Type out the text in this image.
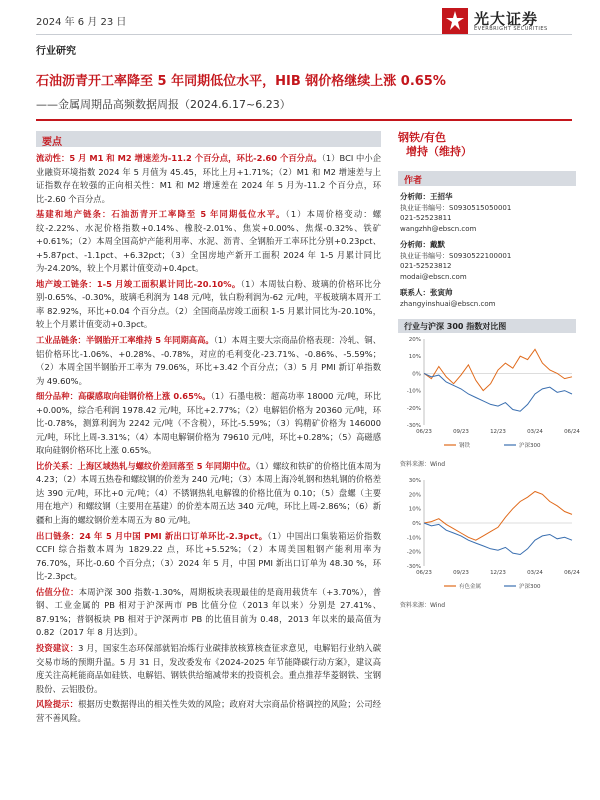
2024 年 6 月 23 日	光大证券
EVERBRIGHT SECURITIES
行业研究
石油沥青开工率降至 5 年同期低位水平，HIB 钢价格继续上涨 0.65%
——金属周期品高频数据周报（2024.6.17~6.23）
要点

流动性：5 月 M1 和 M2 增速差为-11.2 个百分点，环比-2.60 个百分点。（1）BCI 中小企业融资环境指数 2024 年 5 月值为 45.45，环比上月+1.71%；（2）M1 和 M2 增速差与上证指数存在较强的正向相关性：M1 和 M2 增速差在 2024 年 5 月为-11.2 个百分点，环比-2.60 个百分点。

基建和地产链条：石油沥青开工率降至 5 年同期低位水平。（1）本周价格变动：螺纹-2.22%、水泥价格指数+0.14%、橡胶-2.01%、焦炭+0.00%、焦煤-0.32%、铁矿+0.61%；（2）本周全国高炉产能利用率、水泥、沥青、全钢胎开工率环比分别+0.23pct、+5.87pct、-1.1pct、+6.32pct；（3）全国房地产新开工面积 2024 年 1-5 月累计同比为-24.20%，较上个月累计值变动+0.4pct。

地产竣工链条：1-5 月竣工面积累计同比-20.10%。（1）本周钛白粉、玻璃的价格环比分别-0.65%、-0.30%，玻璃毛利润为 148 元/吨，钛白粉利润为-62 元/吨，平板玻璃本周开工率 82.92%，环比+0.04 个百分点。（2）全国商品房竣工面积 1-5 月累计同比为-20.10%，较上个月累计值变动+0.3pct。

工业品链条：半钢胎开工率维持 5 年同期高高。（1）本周主要大宗商品价格表现：冷轧、铜、铝价格环比-1.06%、+0.28%、-0.78%，对应的毛利变化-23.71%、-0.86%、-5.59%；（2）本周全国半钢胎开工率为 79.06%，环比+3.42 个百分点；（3）5 月 PMI 新订单指数为 49.60%。

细分品种：高碳感取向硅钢价格上涨 0.65%。（1）石墨电极：超高功率 18000 元/吨，环比+0.00%，综合毛利润 1978.42 元/吨，环比+2.77%；（2）电解铝价格为 20360 元/吨，环比-0.78%，测算利润为 2242 元/吨（不含税），环比-5.59%；（3）钨精矿价格为 146000 元/吨，环比上周-3.31%；（4）本周电解铜价格为 79610 元/吨，环比+0.28%；（5）高磁感取向硅钢价格环比上涨 0.65%。

比价关系：上海区域热轧与螺纹价差回落至 5 年同期中位。（1）螺纹和铁矿的价格比值本周为 4.23；（2）本周五热卷和螺纹钢的价差为 240 元/吨；（3）本周上海冷轧钢和热轧钢的价格差达 390 元/吨，环比+0 元/吨；（4）不锈钢热轧电解镍的价格比值为 0.10；（5）盘螺（主要用在地产）和螺纹钢（主要用在基建）的价差本周五达 340 元/吨，环比上周-2.86%；（6）新疆和上海的螺纹钢价差本周五为 80 元/吨。

出口链条：24 年 5 月中国 PMI 新出口订单环比-2.3pct。（1）中国出口集装箱运价指数 CCFI 综合指数本周为 1829.22 点，环比+5.52%；（2）本周美国粗钢产能利用率为 76.70%，环比-0.60 个百分点；（3）2024 年 5 月，中国 PMI 新出口订单为 48.30 %，环比-2.3pct。

估值分位：本周沪深 300 指数-1.30%，周期板块表现最佳的是商用载货车（+3.70%），普钢、工业金属的 PB 相对于沪深两市 PB 比值分位（2013 年以来）分别是 27.41%、87.91%；普钢板块 PB 相对于沪深两市 PB 的比值目前为 0.48，2013 年以来的最高值为 0.82（2017 年 8 月达到）。

投资建议：3 月，国家生态环保部就铝冶炼行业碳排放核算核查征求意见，电解铝行业纳入碳交易市场的预期升温。5 月 31 日，发改委发布《2024-2025 年节能降碳行动方案》，建议高度关注高耗能商品如硅铁、电解铝、钢铁供给缩减带来的投资机会。重点推荐华菱钢铁、宝钢股份、云铝股份。

风险提示：根据历史数据得出的相关性失效的风险；政府对大宗商品价格调控的风险；公司经营不善风险。

钢铁/有色
增持（维持）
作者
分析师：王招华
执业证书编号：S0930515050001
021-52523811
wangzhh@ebscn.com
分析师：戴默
执业证书编号：S0930522100001
021-52523812
modai@ebscn.com
联系人：张寅帅
zhangyinshuai@ebscn.com
行业与沪深 300 指数对比图
20%
10%
0%
-10%
-20%
-30%
06/23	09/23	12/23	03/24	06/24
钢铁	沪深300
资料来源：Wind
30%
20%
10%
0%
-10%
-20%
-30%
06/23	09/23	12/23	03/24	06/24
有色金属	沪深300
资料来源：Wind
